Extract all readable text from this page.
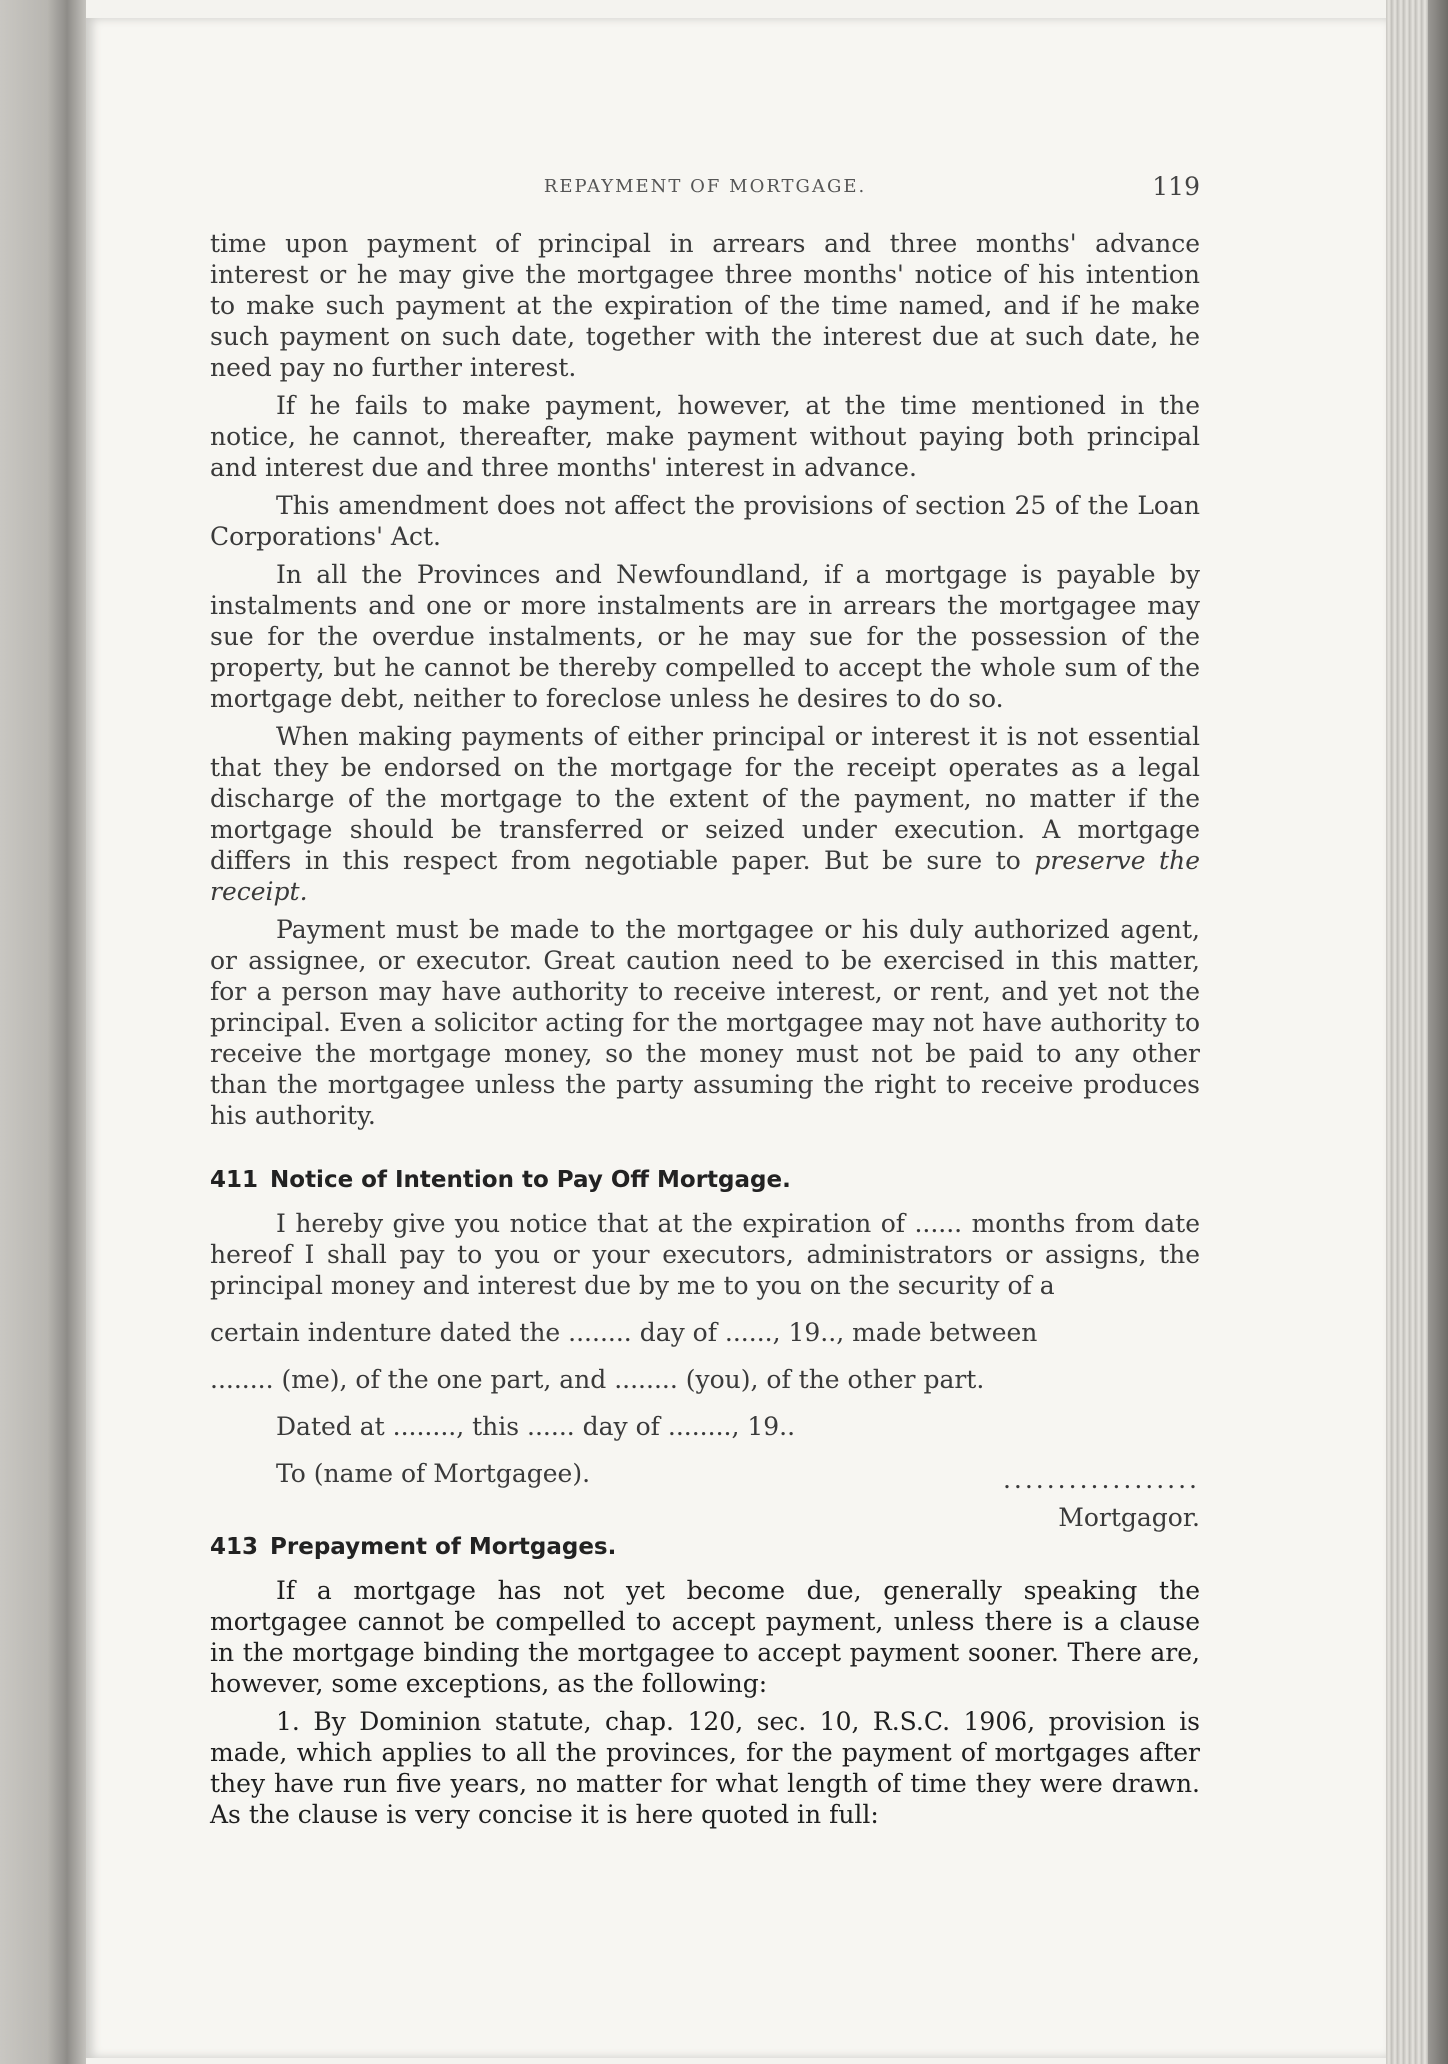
REPAYMENT OF MORTGAGE.	119

time upon payment of principal in arrears and three months' advance interest or he may give the mortgagee three months' notice of his intention to make such payment at the expiration of the time named, and if he make such payment on such date, together with the interest due at such date, he need pay no further interest.

If he fails to make payment, however, at the time mentioned in the notice, he cannot, thereafter, make payment without paying both principal and interest due and three months' interest in advance.

This amendment does not affect the provisions of section 25 of the Loan Corporations' Act.

In all the Provinces and Newfoundland, if a mortgage is payable by instalments and one or more instalments are in arrears the mortgagee may sue for the overdue instalments, or he may sue for the possession of the property, but he cannot be thereby compelled to accept the whole sum of the mortgage debt, neither to foreclose unless he desires to do so.

When making payments of either principal or interest it is not essential that they be endorsed on the mortgage for the receipt operates as a legal discharge of the mortgage to the extent of the payment, no matter if the mortgage should be transferred or seized under execution. A mortgage differs in this respect from negotiable paper. But be sure to preserve the receipt.

Payment must be made to the mortgagee or his duly authorized agent, or assignee, or executor. Great caution need to be exercised in this matter, for a person may have authority to receive interest, or rent, and yet not the principal. Even a solicitor acting for the mortgagee may not have authority to receive the mortgage money, so the money must not be paid to any other than the mortgagee unless the party assuming the right to receive produces his authority.

411 Notice of Intention to Pay Off Mortgage.

I hereby give you notice that at the expiration of ...... months from date hereof I shall pay to you or your executors, administrators or assigns, the principal money and interest due by me to you on the security of a

certain indenture dated the ........ day of ......, 19.., made between

........ (me), of the one part, and ........ (you), of the other part.

Dated at ........, this ...... day of ........, 19..

To (name of Mortgagee).	..................
Mortgagor.
413 Prepayment of Mortgages.

If a mortgage has not yet become due, generally speaking the mortgagee cannot be compelled to accept payment, unless there is a clause in the mortgage binding the mortgagee to accept payment sooner. There are, however, some exceptions, as the following:

1. By Dominion statute, chap. 120, sec. 10, R.S.C. 1906, provision is made, which applies to all the provinces, for the payment of mortgages after they have run five years, no matter for what length of time they were drawn. As the clause is very concise it is here quoted in full:
